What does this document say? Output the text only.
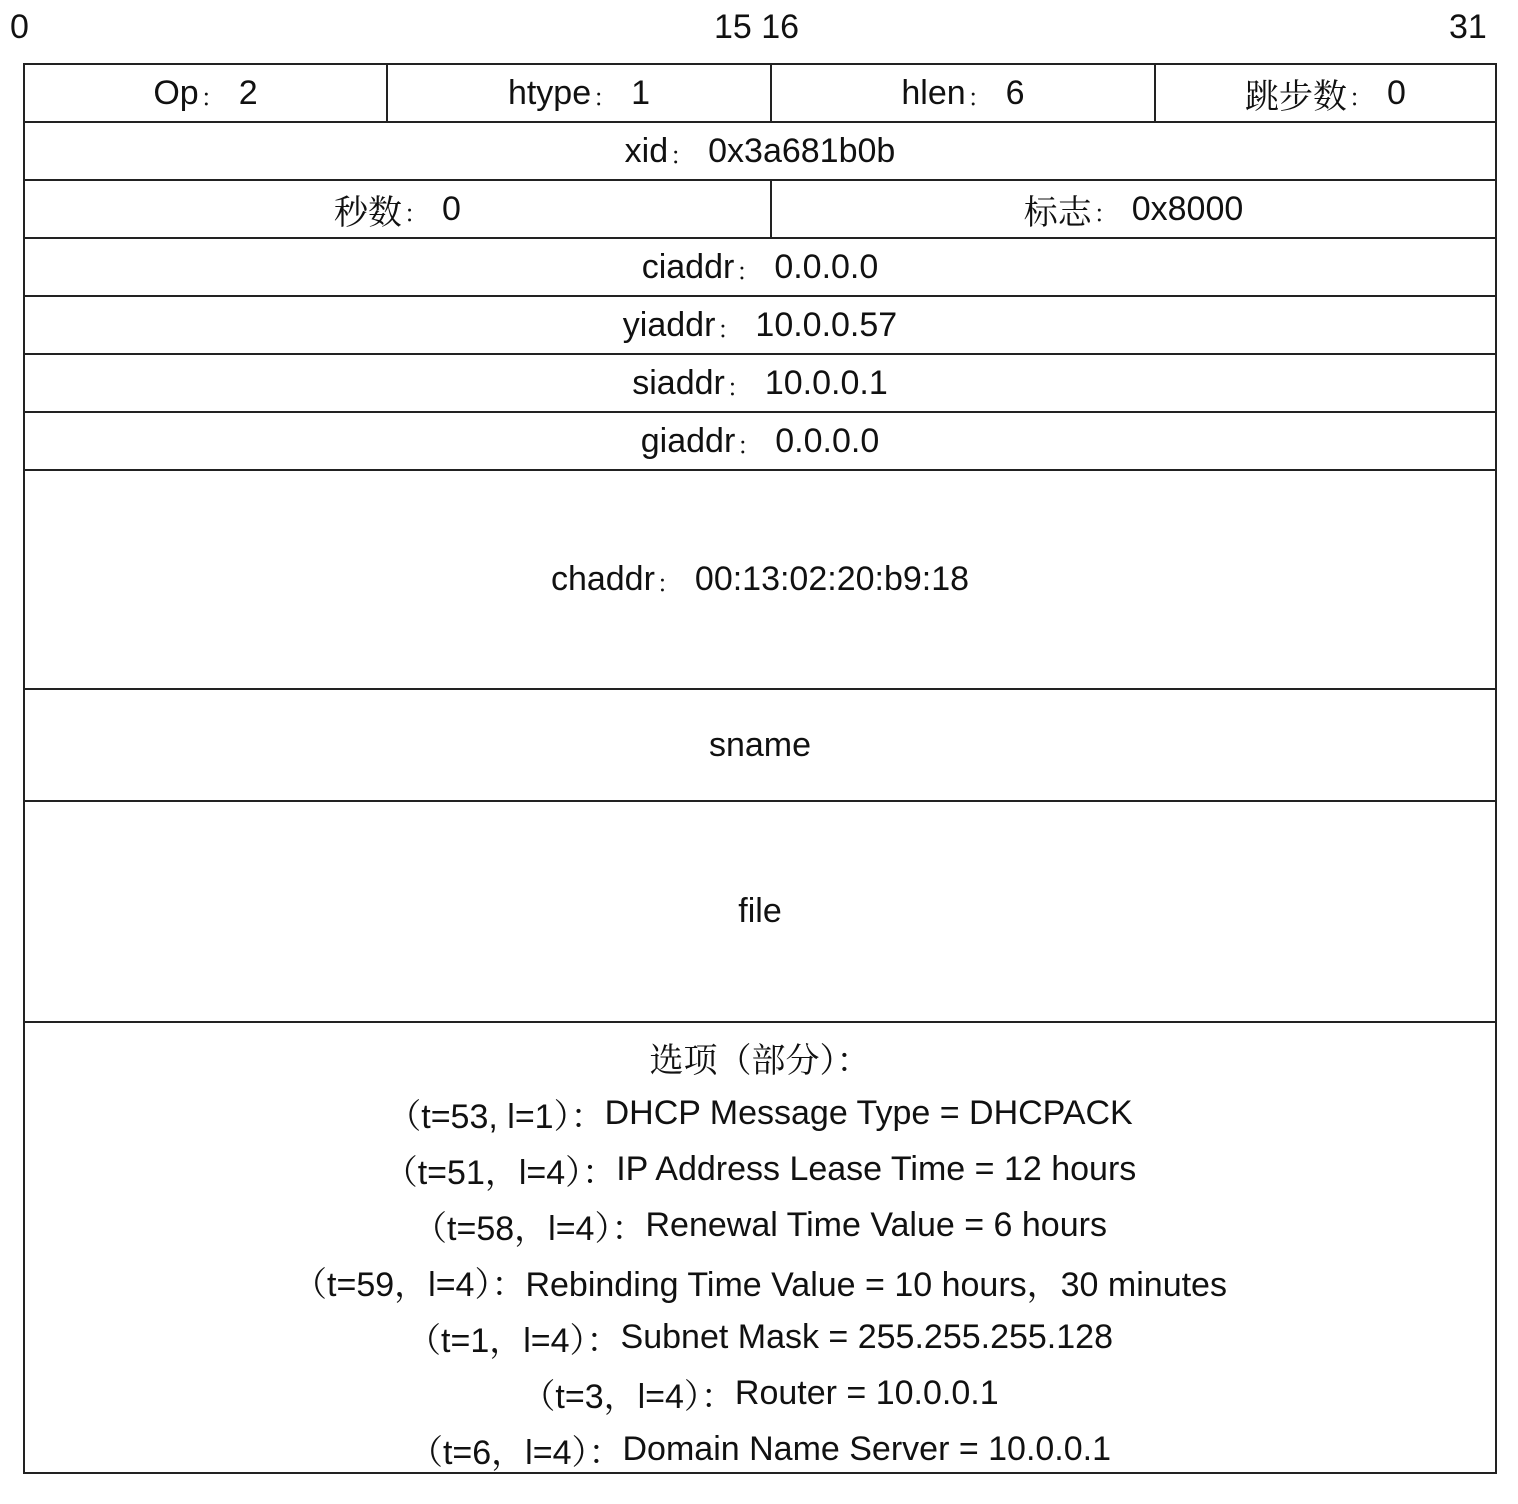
0	15 16	31
Op ： 2	htype ： 1	hlen ： 6	跳步数 ： 0
xid ： 0x3a681b0b
秒数 ： 0	标志 ： 0x8000
ciaddr ： 0.0.0.0
yiaddr ： 10.0.0.57
siaddr ： 10.0.0.1
giaddr ： 0.0.0.0
chaddr ： 00:13:02:20:b9:18
sname
file
选项（部分）：
（t=53, l=1）： DHCP Message Type = DHCPACK
（t=51，l=4）： IP Address Lease Time = 12 hours
（t=58，l=4）： Renewal Time Value = 6 hours
（t=59，l=4）： Rebinding Time Value = 10 hours，30 minutes
（t=1，l=4）： Subnet Mask = 255.255.255.128
（t=3，l=4）： Router = 10.0.0.1
（t=6，l=4）： Domain Name Server = 10.0.0.1
